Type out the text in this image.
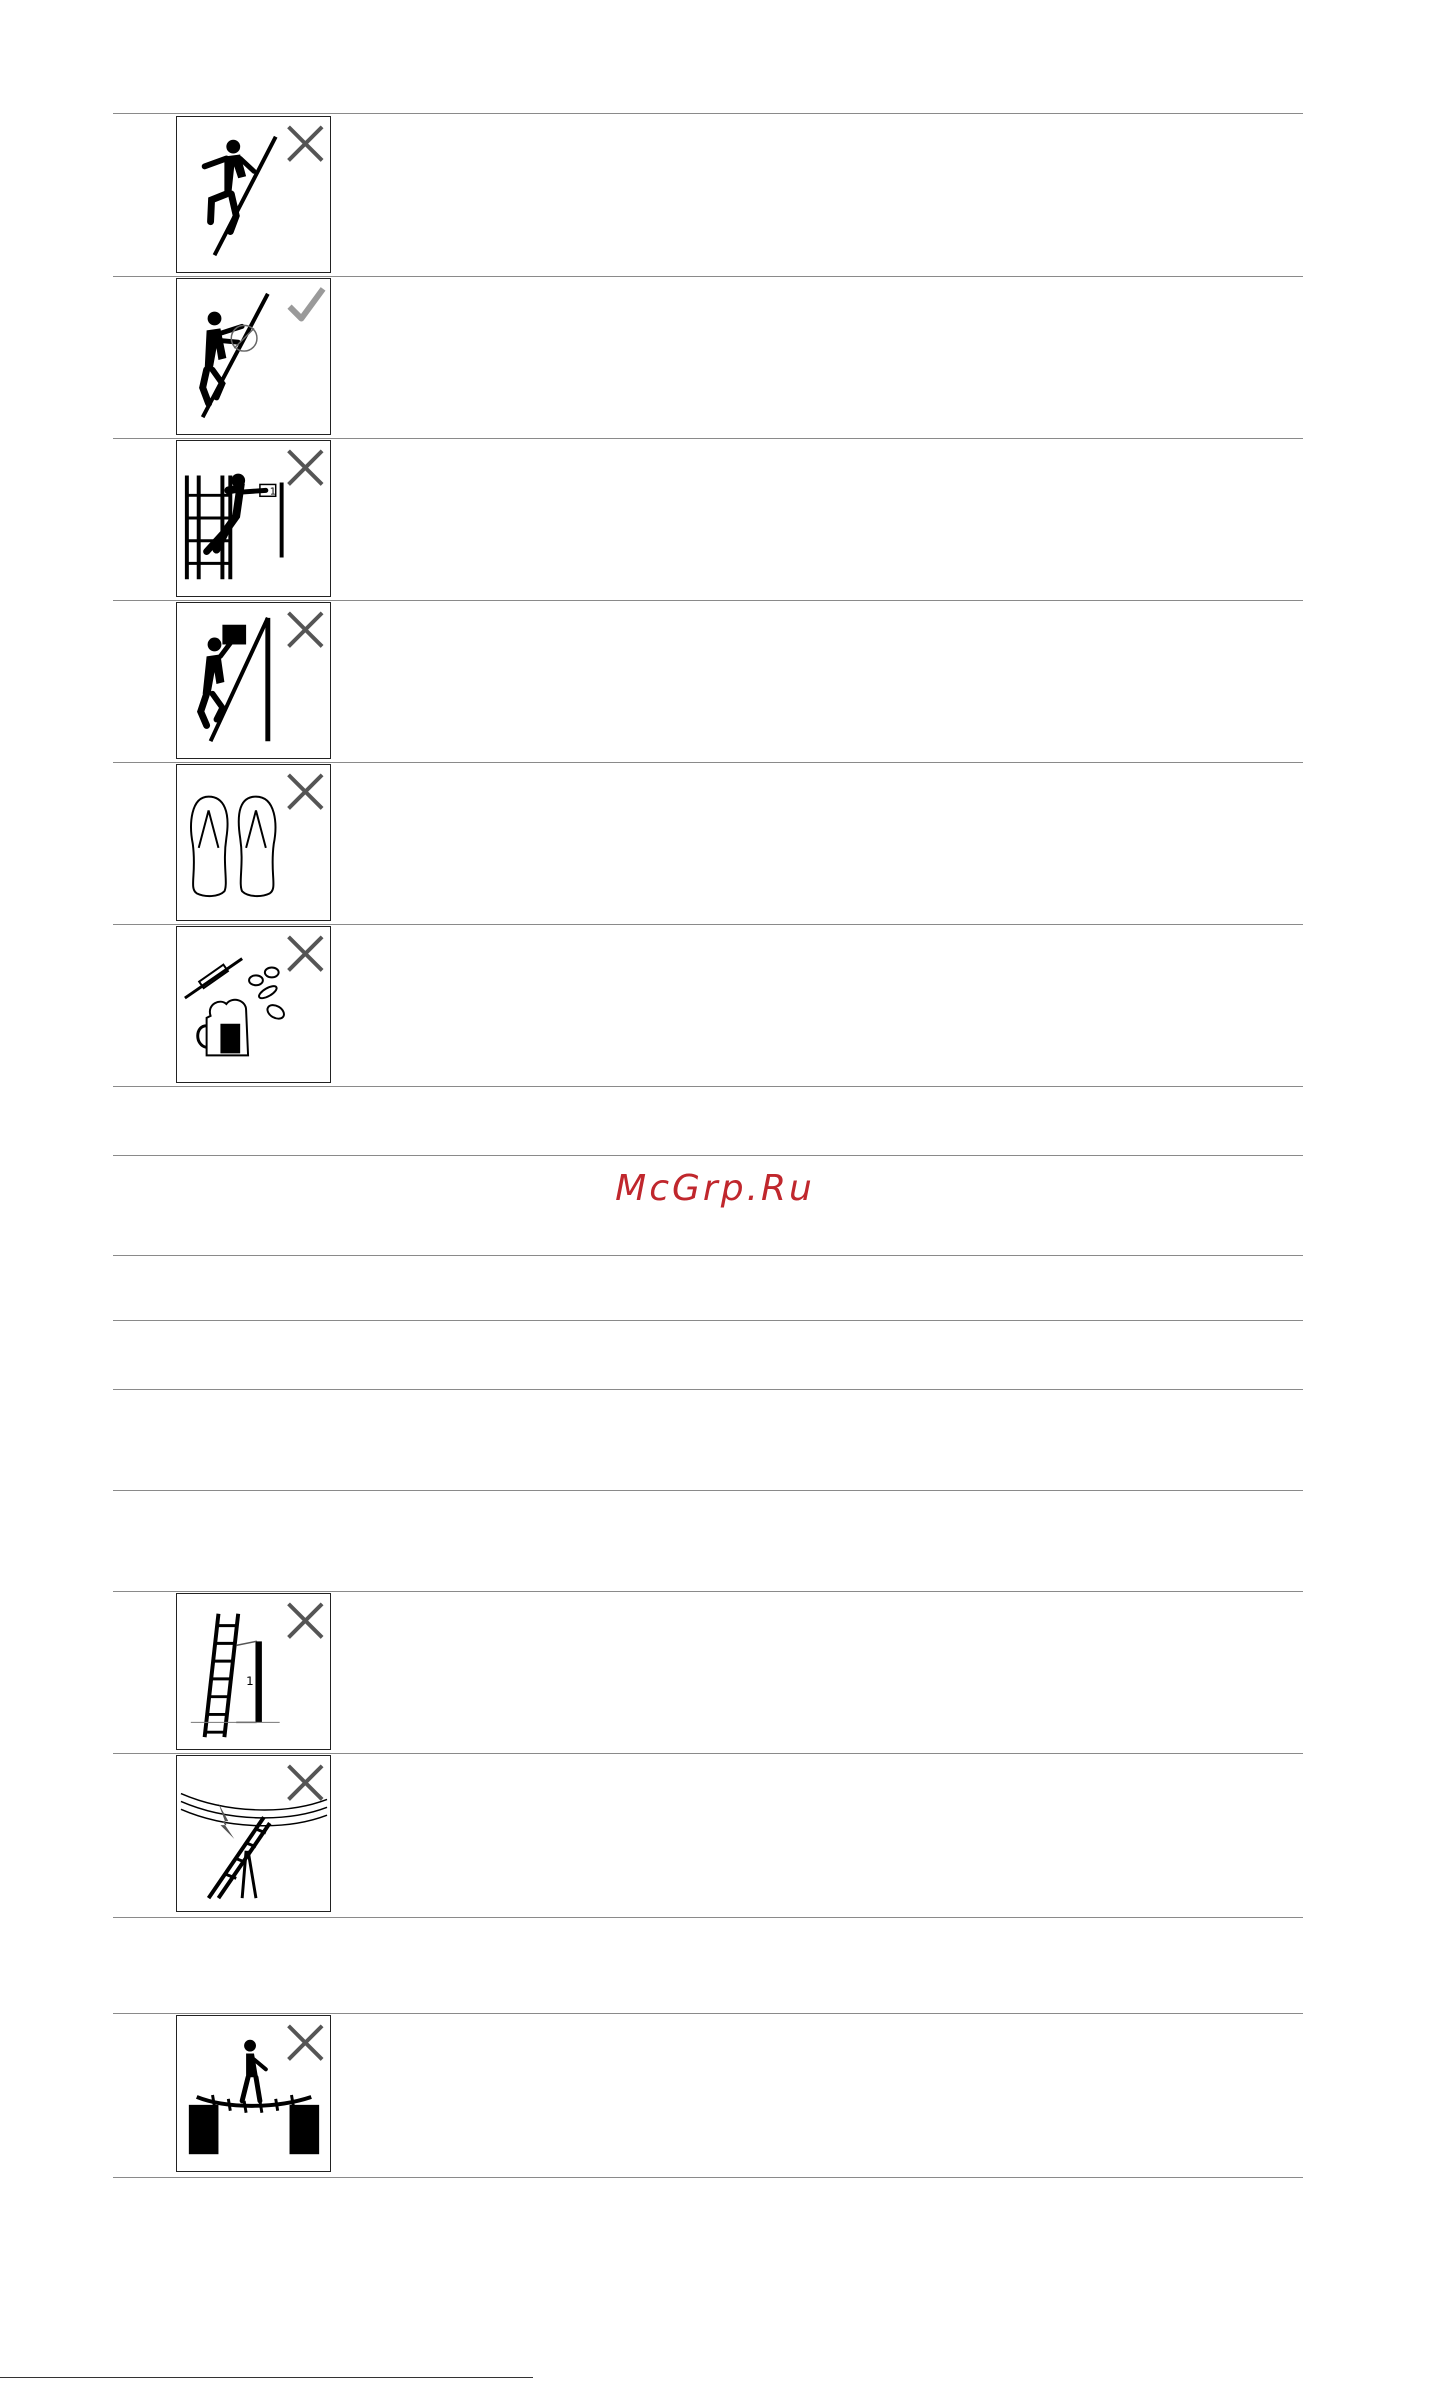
1
McGrp.Ru
1
